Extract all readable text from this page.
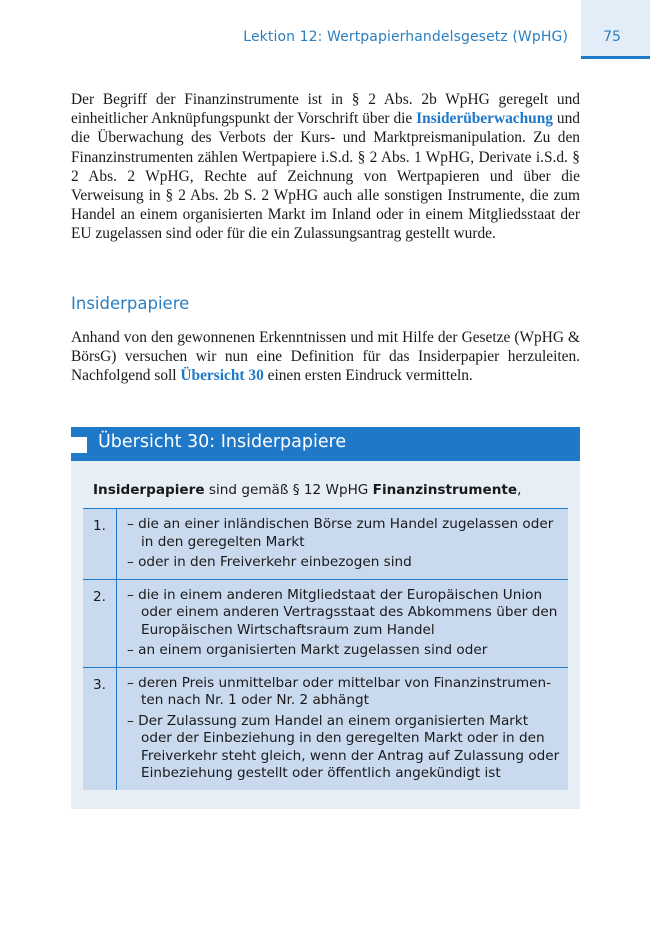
Lektion 12: Wertpapierhandelsgesetz (WpHG)	75

Der Begriff der Finanzinstrumente ist in § 2 Abs. 2b WpHG geregelt und einheitlicher Anknüpfungspunkt der Vorschrift über die Insiderüberwachung und die Überwachung des Verbots der Kurs- und Marktpreismanipulation. Zu den Finanzinstrumenten zählen Wertpapiere i.S.d. § 2 Abs. 1 WpHG, Derivate i.S.d. § 2 Abs. 2 WpHG, Rechte auf Zeichnung von Wertpapieren und über die Verweisung in § 2 Abs. 2b S. 2 WpHG auch alle sonstigen Instrumente, die zum Handel an einem organisierten Markt im Inland oder in einem Mitgliedsstaat der EU zugelassen sind oder für die ein Zulassungsantrag gestellt wurde.

Insiderpapiere

Anhand von den gewonnenen Erkenntnissen und mit Hilfe der Gesetze (WpHG & BörsG) versuchen wir nun eine Definition für das Insiderpapier herzuleiten. Nachfolgend soll Übersicht 30 einen ersten Eindruck vermitteln.

Übersicht 30: Insiderpapiere
Insiderpapiere sind gemäß § 12 WpHG Finanzinstrumente,
1.	– die an einer inländischen Börse zum Handel zugelassen oder in den geregelten Markt
– oder in den Freiverkehr einbezogen sind
2.	– die in einem anderen Mitgliedstaat der Europäischen Union oder einem anderen Vertragsstaat des Abkommens über den Europäischen Wirtschaftsraum zum Handel
– an einem organisierten Markt zugelassen sind oder
3.	– deren Preis unmittelbar oder mittelbar von Finanzinstrumenten nach Nr. 1 oder Nr. 2 abhängt
– Der Zulassung zum Handel an einem organisierten Markt oder der Einbeziehung in den geregelten Markt oder in den Freiverkehr steht gleich, wenn der Antrag auf Zulassung oder Einbeziehung gestellt oder öffentlich angekündigt ist
